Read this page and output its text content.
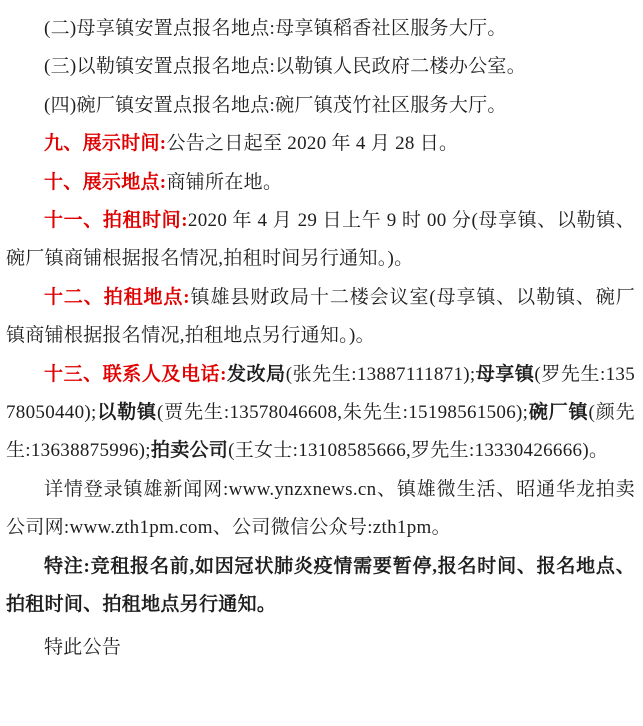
(二)母享镇安置点报名地点:母享镇稻香社区服务大厅。

(三)以勒镇安置点报名地点:以勒镇人民政府二楼办公室。

(四)碗厂镇安置点报名地点:碗厂镇茂竹社区服务大厅。

九、展示时间:公告之日起至 2020 年 4 月 28 日。

十、展示地点:商铺所在地。

十一、拍租时间:2020 年 4 月 29 日上午 9 时 00 分(母享镇、以勒镇、碗厂镇商铺根据报名情况,拍租时间另行通知。)。

十二、拍租地点:镇雄县财政局十二楼会议室(母享镇、以勒镇、碗厂镇商铺根据报名情况,拍租地点另行通知。)。

十三、联系人及电话:发改局(张先生:13887111871);母享镇(罗先生:13578050440);以勒镇(贾先生:13578046608,朱先生:15198561506);碗厂镇(颜先生:13638875996);拍卖公司(王女士:13108585666,罗先生:13330426666)。

详情登录镇雄新闻网:www.ynzxnews.cn、镇雄微生活、昭通华龙拍卖公司网:www.zth1pm.com、公司微信公众号:zth1pm。

特注:竞租报名前,如因冠状肺炎疫情需要暂停,报名时间、报名地点、拍租时间、拍租地点另行通知。

特此公告
